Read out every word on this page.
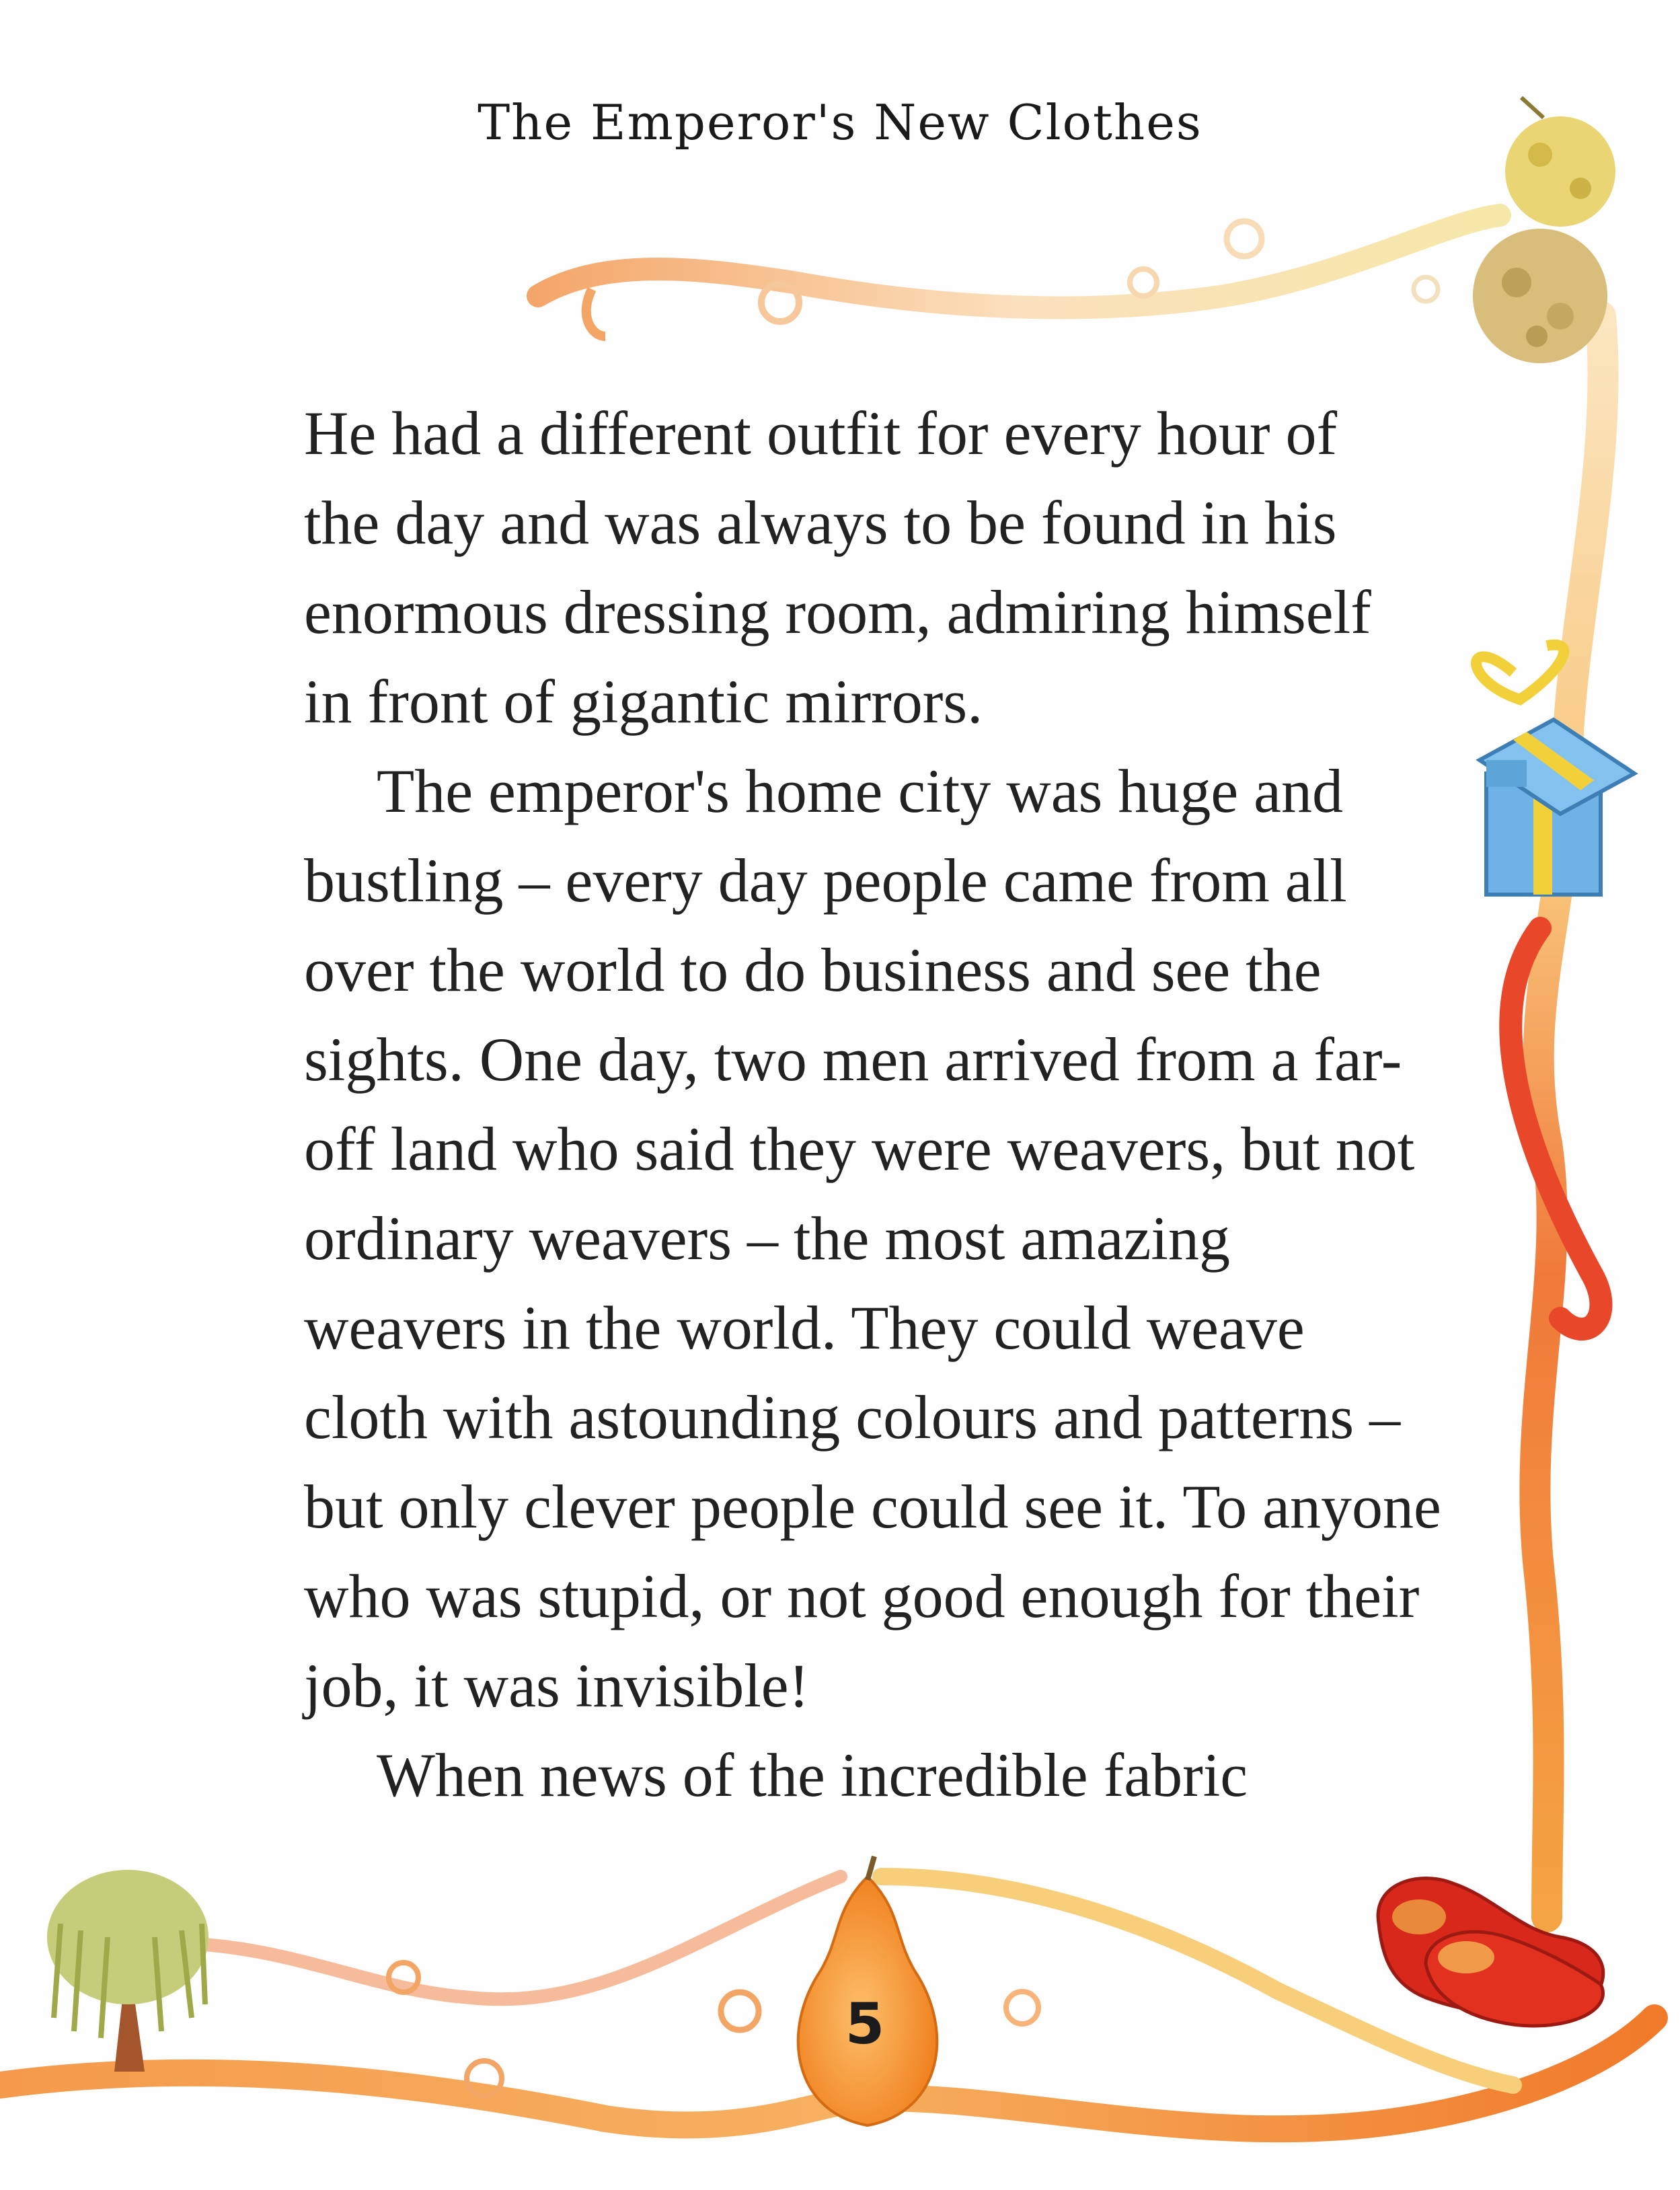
The Emperor's New Clothes
He had a different outfit for every hour of
the day and was always to be found in his
enormous dressing room, admiring himself
in front of gigantic mirrors.
The emperor's home city was huge and
bustling – every day people came from all
over the world to do business and see the
sights. One day, two men arrived from a far-
off land who said they were weavers, but not
ordinary weavers – the most amazing
weavers in the world. They could weave
cloth with astounding colours and patterns –
but only clever people could see it. To anyone
who was stupid, or not good enough for their
job, it was invisible!
When news of the incredible fabric
5
